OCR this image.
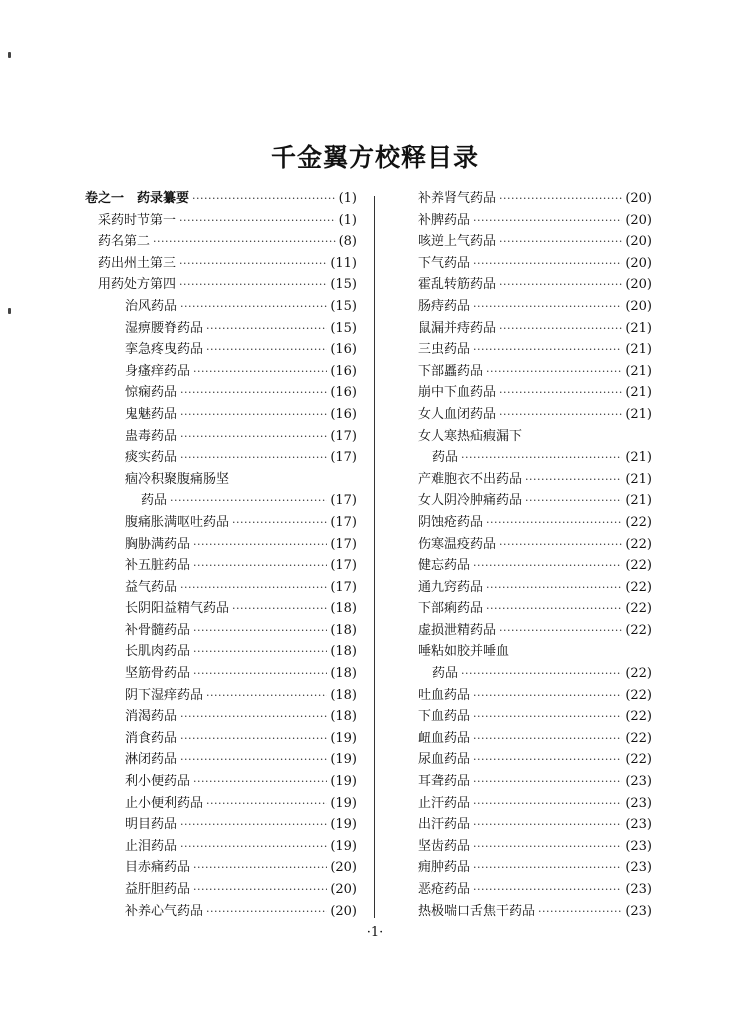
千金翼方校释目录
卷之一　药录纂要 ·····	(1)
采药时节第一 ·····	(1)
药名第二 ·····	(8)
药出州土第三 ·····	(11)
用药处方第四 ·····	(15)
治风药品 ·····	(15)
湿痹腰脊药品 ·····	(15)
挛急疼曳药品 ·····	(16)
身瘙痒药品 ·····	(16)
惊痫药品 ·····	(16)
鬼魅药品 ·····	(16)
蛊毒药品 ·····	(17)
痰实药品 ·····	(17)
痼冷积聚腹痛肠坚
药品 ·····	(17)
腹痛胀满呕吐药品 ·····	(17)
胸胁满药品 ·····	(17)
补五脏药品 ·····	(17)
益气药品 ·····	(17)
长阴阳益精气药品 ·····	(18)
补骨髓药品 ·····	(18)
长肌肉药品 ·····	(18)
坚筋骨药品 ·····	(18)
阴下湿痒药品 ·····	(18)
消渴药品 ·····	(18)
消食药品 ·····	(19)
淋闭药品 ·····	(19)
利小便药品 ·····	(19)
止小便利药品 ·····	(19)
明目药品 ·····	(19)
止泪药品 ·····	(19)
目赤痛药品 ·····	(20)
益肝胆药品 ·····	(20)
补养心气药品 ·····	(20)
补养肾气药品 ·····	(20)
补脾药品 ·····	(20)
咳逆上气药品 ·····	(20)
下气药品 ·····	(20)
霍乱转筋药品 ·····	(20)
肠痔药品 ·····	(20)
鼠漏并痔药品 ·····	(21)
三虫药品 ·····	(21)
下部䘌药品 ·····	(21)
崩中下血药品 ·····	(21)
女人血闭药品 ·····	(21)
女人寒热疝瘕漏下
药品 ·····	(21)
产难胞衣不出药品 ·····	(21)
女人阴冷肿痛药品 ·····	(21)
阴蚀疮药品 ·····	(22)
伤寒温疫药品 ·····	(22)
健忘药品 ·····	(22)
通九窍药品 ·····	(22)
下部痢药品 ·····	(22)
虚损泄精药品 ·····	(22)
唾粘如胶并唾血
药品 ·····	(22)
吐血药品 ·····	(22)
下血药品 ·····	(22)
衄血药品 ·····	(22)
尿血药品 ·····	(22)
耳聋药品 ·····	(23)
止汗药品 ·····	(23)
出汗药品 ·····	(23)
坚齿药品 ·····	(23)
痈肿药品 ·····	(23)
恶疮药品 ·····	(23)
热极喘口舌焦干药品 ·····	(23)
·1·
